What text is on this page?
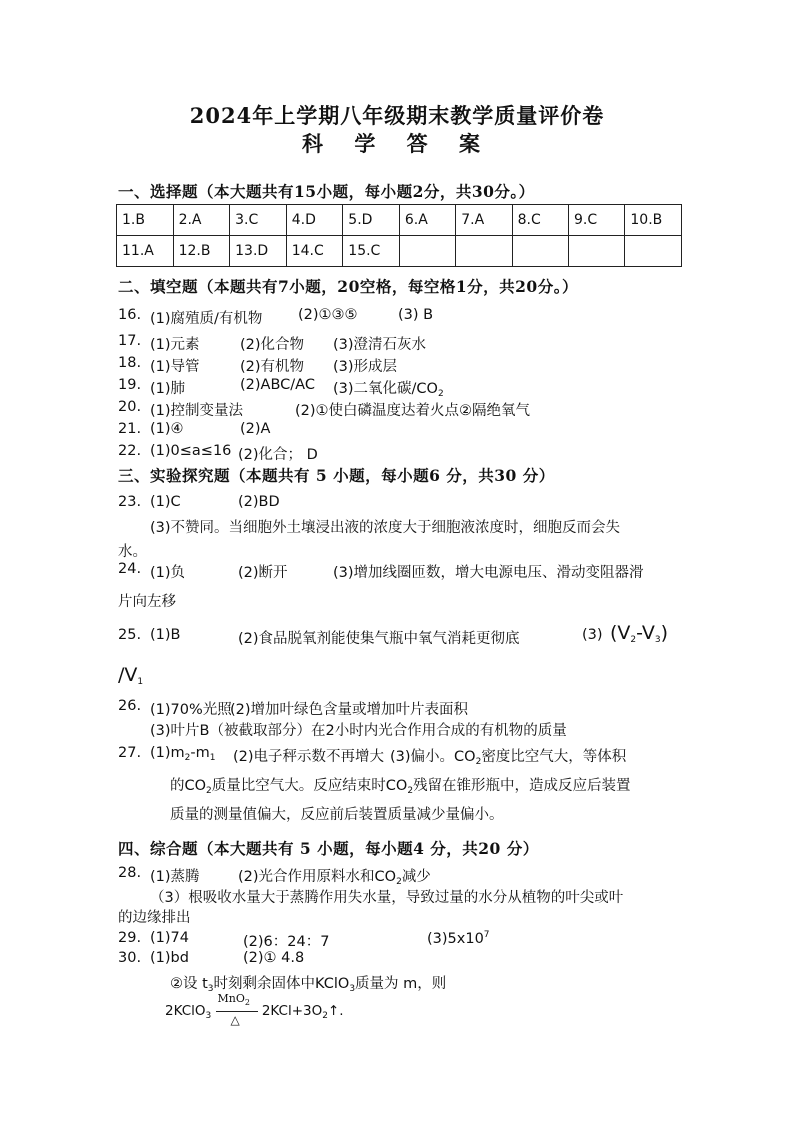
2024年上学期八年级期末教学质量评价卷
科 学 答 案
一、选择题（本大题共有15小题，每小题2分，共30分。）
1.B	2.A	3.C	4.D	5.D	6.A	7.A	8.C	9.C	10.B
11.A	12.B	13.D	14.C	15.C					
二、填空题（本题共有7小题，20空格，每空格1分，共20分。）
16. (1)腐殖质/有机物 (2)①③⑤	(3) B
17. (1)元素	(2)化合物 (3)澄清石灰水
18. (1)导管	(2)有机物 (3)形成层
19. (1)肺	(2)ABC/AC (3)二氧化碳$/CO_2$
20. (1)控制变量法	(2)①使白磷温度达着火点②隔绝氧气
21. (1)④	(2)A
22. (1)0≤a≤16 (2)化合； D
三、实验探究题（本题共有 5 小题，每小题6 分，共30 分）
23. (1)C	(2)BD
(3)不赞同。当细胞外土壤浸出液的浓度大于细胞液浓度时，细胞反而会失
水。
24. (1)负	(2)断开	(3)增加线圈匝数，增大电源电压、滑动变阻器滑
片向左移
25. (1)B	(2)食品脱氧剂能使集气瓶中氧气消耗更彻底	(3) $(V_2-V_3)$
$/V_1$
26. (1)70%光照
(2)增加叶绿色含量或增加叶片表面积
(3)叶片B（被截取部分）在2小时内光合作用合成的有机物的质量
27. $(1)m_2-m_1$ (2)电子秤示数不再增大 (3)偏小。$CO_2$密度比空气大，等体积
的$CO_2$质量比空气大。反应结束时$CO_2$残留在锥形瓶中，造成反应后装置
质量的测量值偏大，反应前后装置质量减少量偏小。
四、综合题（本大题共有 5 小题，每小题4 分，共20 分）
28. (1)蒸腾	(2)光合作用原料水和$CO_2$减少
（3）根吸收水量大于蒸腾作用失水量，导致过量的水分从植物的叶尖或叶
的边缘排出
29. (1)74	(2)6：24：7	$(3)5x10^7$
30. (1)bd	(2)① 4.8
②设 $t_3$时刻剩余固体中KClO$_3$质量为 m，则
2KClO$_3$
MnO$_2$
△
$2KCl+3O_2↑$.
